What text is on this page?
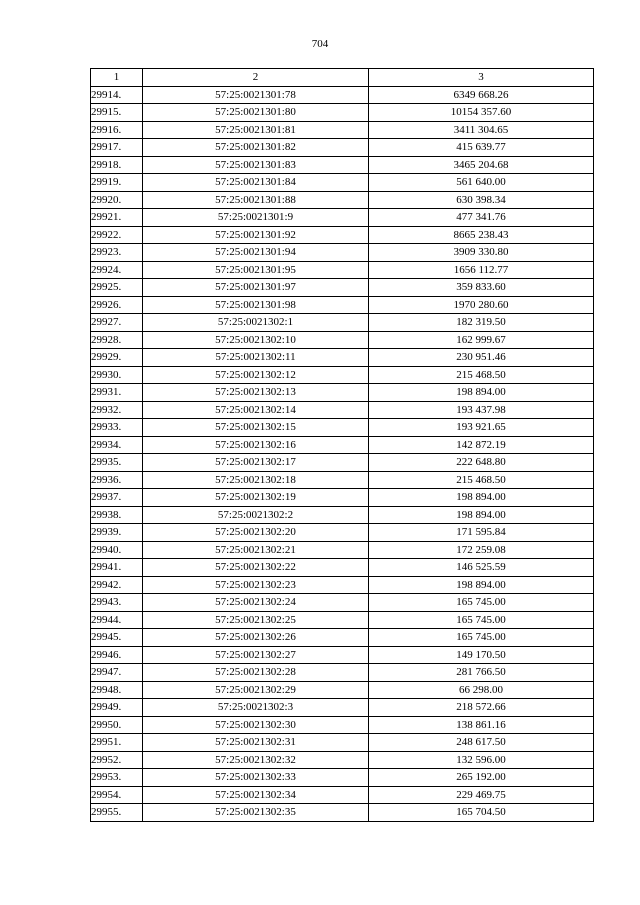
704
1	2	3
29914.	57:25:0021301:78	6349 668.26
29915.	57:25:0021301:80	10154 357.60
29916.	57:25:0021301:81	3411 304.65
29917.	57:25:0021301:82	415 639.77
29918.	57:25:0021301:83	3465 204.68
29919.	57:25:0021301:84	561 640.00
29920.	57:25:0021301:88	630 398.34
29921.	57:25:0021301:9	477 341.76
29922.	57:25:0021301:92	8665 238.43
29923.	57:25:0021301:94	3909 330.80
29924.	57:25:0021301:95	1656 112.77
29925.	57:25:0021301:97	359 833.60
29926.	57:25:0021301:98	1970 280.60
29927.	57:25:0021302:1	182 319.50
29928.	57:25:0021302:10	162 999.67
29929.	57:25:0021302:11	230 951.46
29930.	57:25:0021302:12	215 468.50
29931.	57:25:0021302:13	198 894.00
29932.	57:25:0021302:14	193 437.98
29933.	57:25:0021302:15	193 921.65
29934.	57:25:0021302:16	142 872.19
29935.	57:25:0021302:17	222 648.80
29936.	57:25:0021302:18	215 468.50
29937.	57:25:0021302:19	198 894.00
29938.	57:25:0021302:2	198 894.00
29939.	57:25:0021302:20	171 595.84
29940.	57:25:0021302:21	172 259.08
29941.	57:25:0021302:22	146 525.59
29942.	57:25:0021302:23	198 894.00
29943.	57:25:0021302:24	165 745.00
29944.	57:25:0021302:25	165 745.00
29945.	57:25:0021302:26	165 745.00
29946.	57:25:0021302:27	149 170.50
29947.	57:25:0021302:28	281 766.50
29948.	57:25:0021302:29	66 298.00
29949.	57:25:0021302:3	218 572.66
29950.	57:25:0021302:30	138 861.16
29951.	57:25:0021302:31	248 617.50
29952.	57:25:0021302:32	132 596.00
29953.	57:25:0021302:33	265 192.00
29954.	57:25:0021302:34	229 469.75
29955.	57:25:0021302:35	165 704.50
